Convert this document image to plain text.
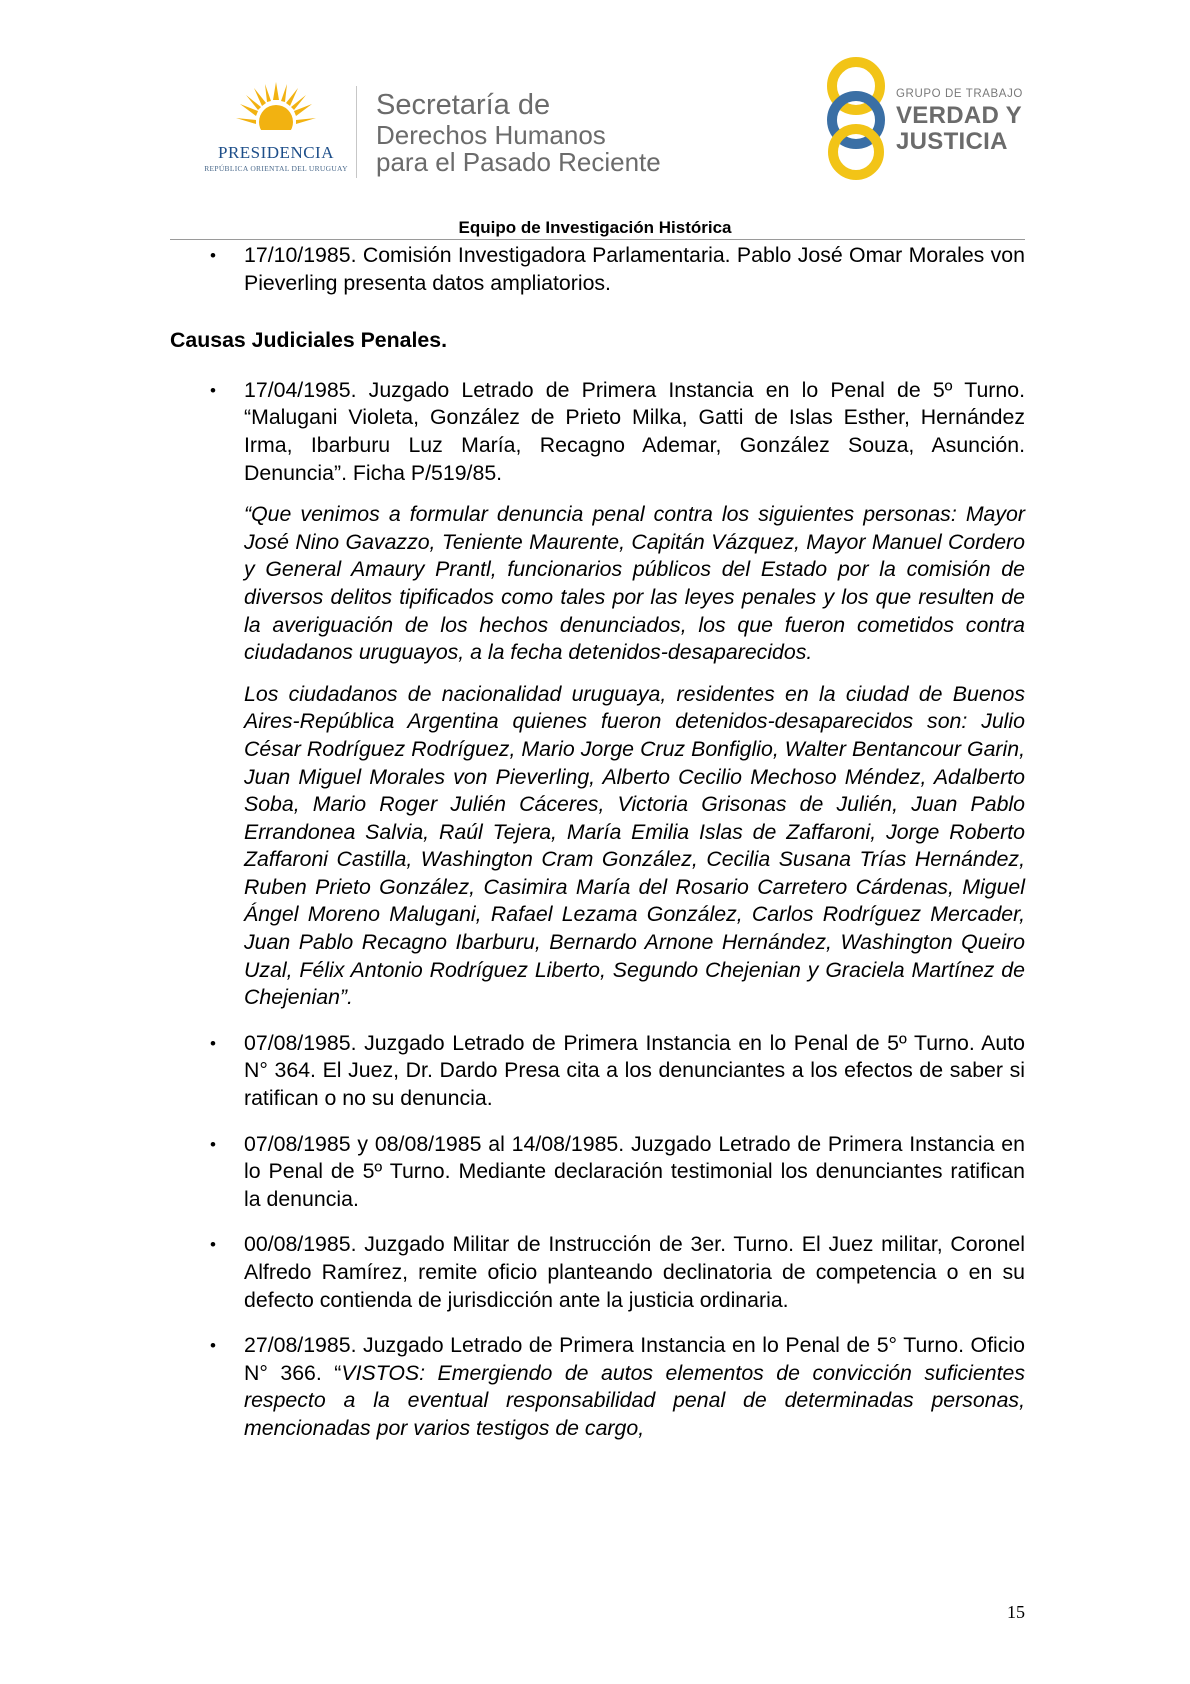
PRESIDENCIA
REPÚBLICA ORIENTAL DEL URUGUAY
Secretaría de
Derechos Humanos
para el Pasado Reciente
GRUPO DE TRABAJO
VERDAD Y
JUSTICIA
Equipo de Investigación Histórica
• 17/10/1985. Comisión Investigadora Parlamentaria. Pablo José Omar Morales von Pieverling presenta datos ampliatorios.
Causas Judiciales Penales.
• 17/04/1985. Juzgado Letrado de Primera Instancia en lo Penal de 5º Turno. “Malugani Violeta, González de Prieto Milka, Gatti de Islas Esther, Hernández Irma, Ibarburu Luz María, Recagno Ademar, González Souza, Asunción. Denuncia”. Ficha P/519/85.
“Que venimos a formular denuncia penal contra los siguientes personas: Mayor José Nino Gavazzo, Teniente Maurente, Capitán Vázquez, Mayor Manuel Cordero y General Amaury Prantl, funcionarios públicos del Estado por la comisión de diversos delitos tipificados como tales por las leyes penales y los que resulten de la averiguación de los hechos denunciados, los que fueron cometidos contra ciudadanos uruguayos, a la fecha detenidos-desaparecidos.
Los ciudadanos de nacionalidad uruguaya, residentes en la ciudad de Buenos Aires-República Argentina quienes fueron detenidos-desaparecidos son: Julio César Rodríguez Rodríguez, Mario Jorge Cruz Bonfiglio, Walter Bentancour Garin, Juan Miguel Morales von Pieverling, Alberto Cecilio Mechoso Méndez, Adalberto Soba, Mario Roger Julién Cáceres, Victoria Grisonas de Julién, Juan Pablo Errandonea Salvia, Raúl Tejera, María Emilia Islas de Zaffaroni, Jorge Roberto Zaffaroni Castilla, Washington Cram González, Cecilia Susana Trías Hernández, Ruben Prieto González, Casimira María del Rosario Carretero Cárdenas, Miguel Ángel Moreno Malugani, Rafael Lezama González, Carlos Rodríguez Mercader, Juan Pablo Recagno Ibarburu, Bernardo Arnone Hernández, Washington Queiro Uzal, Félix Antonio Rodríguez Liberto, Segundo Chejenian y Graciela Martínez de Chejenian”.
• 07/08/1985. Juzgado Letrado de Primera Instancia en lo Penal de 5º Turno. Auto N° 364. El Juez, Dr. Dardo Presa cita a los denunciantes a los efectos de saber si ratifican o no su denuncia.
• 07/08/1985 y 08/08/1985 al 14/08/1985. Juzgado Letrado de Primera Instancia en lo Penal de 5º Turno. Mediante declaración testimonial los denunciantes ratifican la denuncia.
• 00/08/1985. Juzgado Militar de Instrucción de 3er. Turno. El Juez militar, Coronel Alfredo Ramírez, remite oficio planteando declinatoria de competencia o en su defecto contienda de jurisdicción ante la justicia ordinaria.
• 27/08/1985. Juzgado Letrado de Primera Instancia en lo Penal de 5° Turno. Oficio N° 366. “VISTOS: Emergiendo de autos elementos de convicción suficientes respecto a la eventual responsabilidad penal de determinadas personas, mencionadas por varios testigos de cargo,
15
